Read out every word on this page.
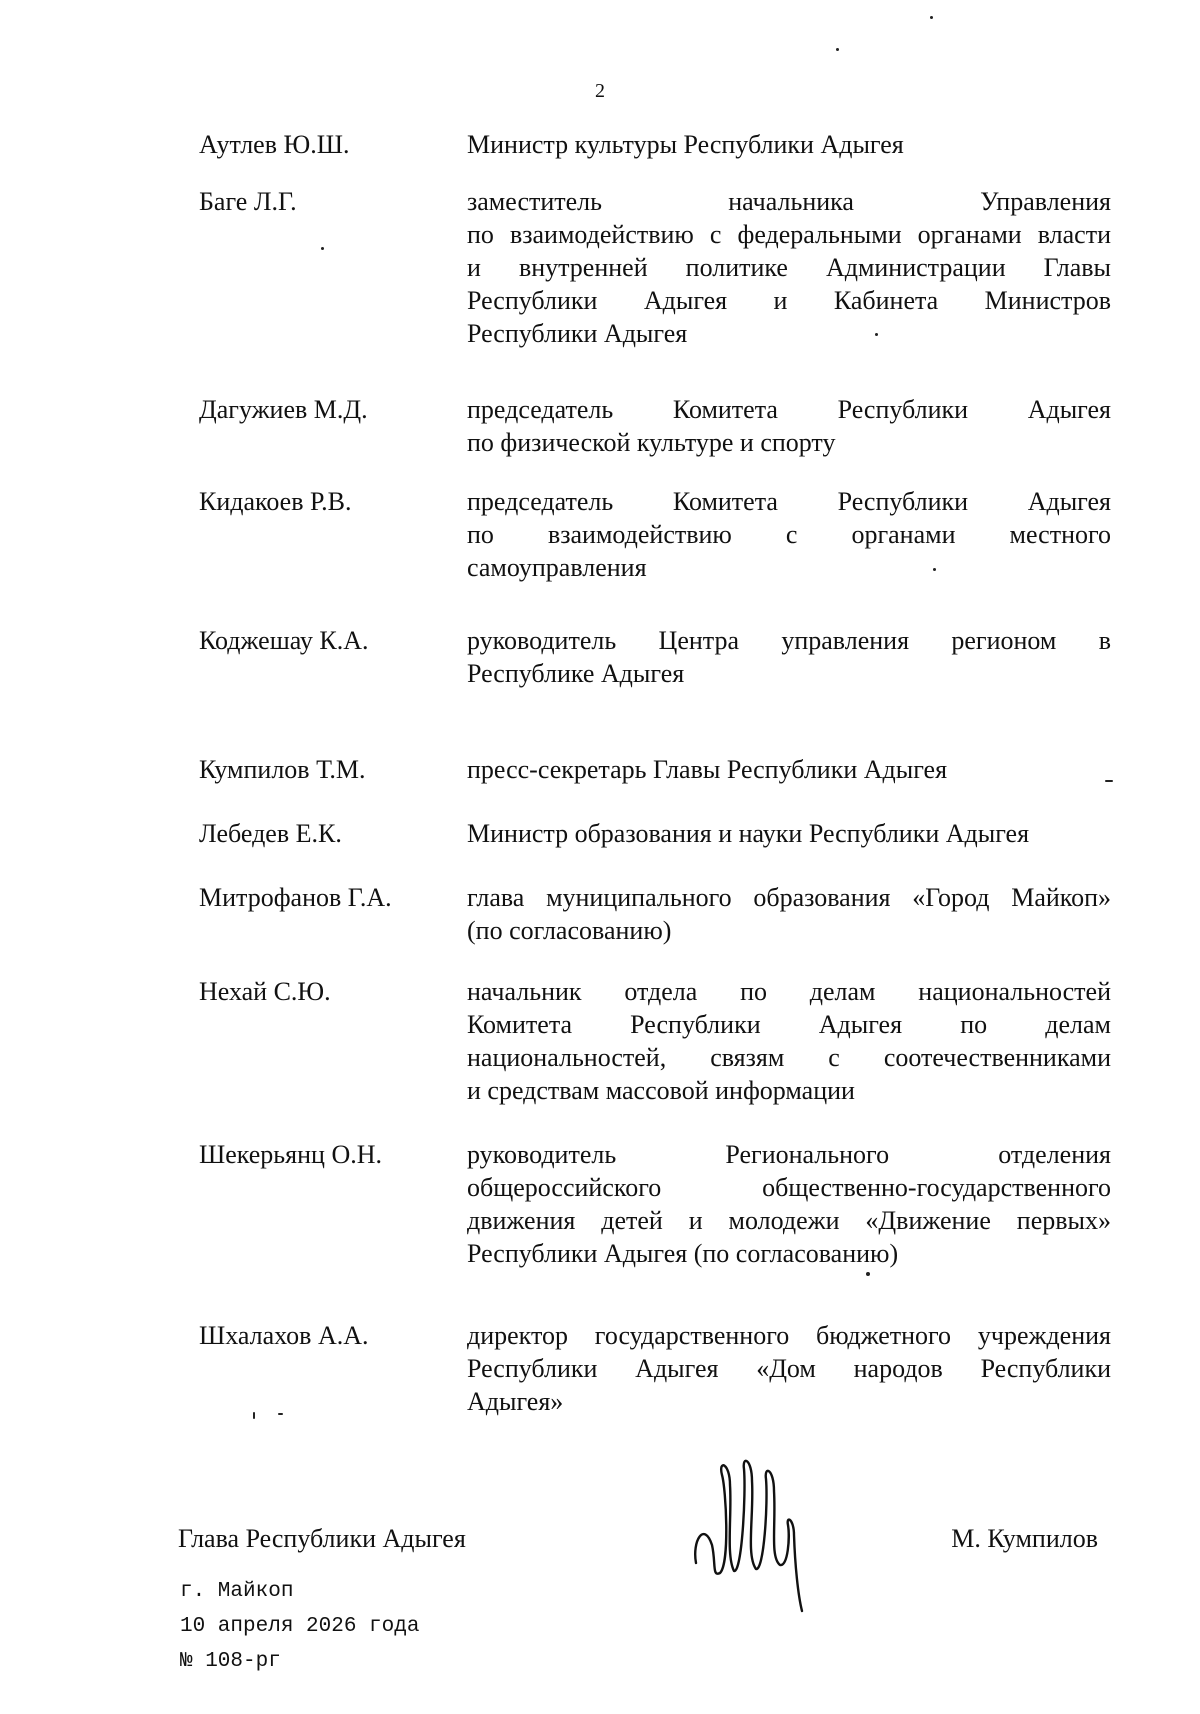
2
Аутлев Ю.Ш.	Министр культуры Республики Адыгея
Баге Л.Г.	заместитель начальника Управления
по взаимодействию с федеральными органами власти
и внутренней политике Администрации Главы
Республики Адыгея и Кабинета Министров
Республики Адыгея
Дагужиев М.Д.	председатель Комитета Республики Адыгея
по физической культуре и спорту
Кидакоев Р.В.	председатель Комитета Республики Адыгея
по взаимодействию с органами местного
самоуправления
Коджешау К.А.	руководитель Центра управления регионом в
Республике Адыгея
Кумпилов Т.М.	пресс-секретарь Главы Республики Адыгея
Лебедев Е.К.	Министр образования и науки Республики Адыгея
Митрофанов Г.А.	глава муниципального образования «Город Майкоп»
(по согласованию)
Нехай С.Ю.	начальник отдела по делам национальностей
Комитета Республики Адыгея по делам
национальностей, связям с соотечественниками
и средствам массовой информации
Шекерьянц О.Н.	руководитель Регионального отделения
общероссийского общественно-государственного
движения детей и молодежи «Движение первых»
Республики Адыгея (по согласованию)
Шхалахов А.А.	директор государственного бюджетного учреждения
Республики Адыгея «Дом народов Республики
Адыгея»
Глава Республики Адыгея	М. Кумпилов
г. Майкоп
10 апреля 2026 года
№ 108-рг
